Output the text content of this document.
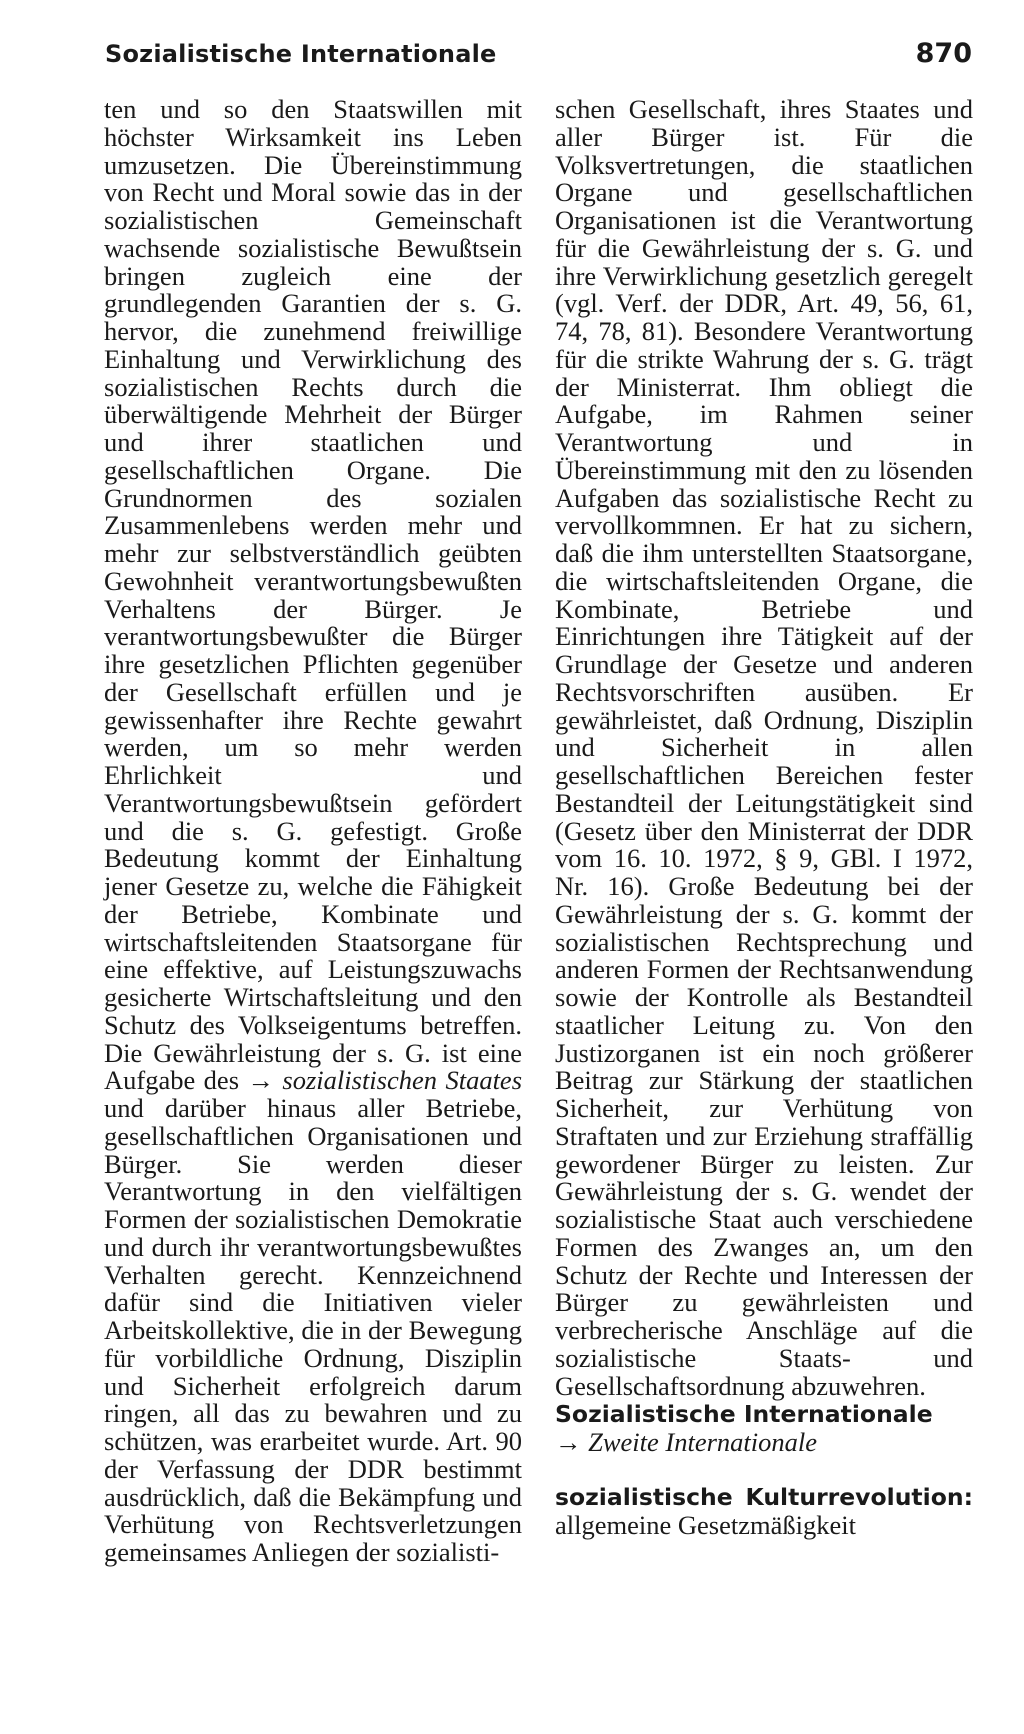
Sozialistische Internationale	870

ten und so den Staatswillen mit höchster Wirksamkeit ins Leben umzusetzen. Die Übereinstimmung von Recht und Moral sowie das in der sozialistischen Gemeinschaft wachsende sozialistische Bewußtsein bringen zugleich eine der grundlegenden Garantien der s. G. hervor, die zunehmend freiwillige Einhaltung und Verwirklichung des sozialistischen Rechts durch die überwältigende Mehrheit der Bürger und ihrer staatlichen und gesellschaftlichen Organe. Die Grundnormen des sozialen Zusammenlebens werden mehr und mehr zur selbstverständlich geübten Gewohnheit verantwortungsbewußten Verhaltens der Bürger. Je verantwortungsbewußter die Bürger ihre gesetzlichen Pflichten gegenüber der Gesellschaft erfüllen und je gewissenhafter ihre Rechte gewahrt werden, um so mehr werden Ehrlichkeit und Verantwortungsbewußtsein gefördert und die s. G. gefestigt. Große Bedeutung kommt der Einhaltung jener Gesetze zu, welche die Fähigkeit der Betriebe, Kombinate und wirtschaftsleitenden Staatsorgane für eine effektive, auf Leistungszuwachs gesicherte Wirtschaftsleitung und den Schutz des Volkseigentums betreffen. Die Gewährleistung der s. G. ist eine Aufgabe des → sozialistischen Staates und darüber hinaus aller Betriebe, gesellschaftlichen Organisationen und Bürger. Sie werden dieser Verantwortung in den vielfältigen Formen der sozialistischen Demokratie und durch ihr verantwortungsbewußtes Verhalten gerecht. Kennzeichnend dafür sind die Initiativen vieler Arbeitskollektive, die in der Bewegung für vorbildliche Ordnung, Disziplin und Sicherheit erfolgreich darum ringen, all das zu bewahren und zu schützen, was erarbeitet wurde. Art. 90 der Verfassung der DDR bestimmt ausdrücklich, daß die Bekämpfung und Verhütung von Rechtsverletzungen gemeinsames Anliegen der sozialisti-

schen Gesellschaft, ihres Staates und aller Bürger ist. Für die Volksvertretungen, die staatlichen Organe und gesellschaftlichen Organisationen ist die Verantwortung für die Gewährleistung der s. G. und ihre Verwirklichung gesetzlich geregelt (vgl. Verf. der DDR, Art. 49, 56, 61, 74, 78, 81). Besondere Verantwortung für die strikte Wahrung der s. G. trägt der Ministerrat. Ihm obliegt die Aufgabe, im Rahmen seiner Verantwortung und in Übereinstimmung mit den zu lösenden Aufgaben das sozialistische Recht zu vervollkommnen. Er hat zu sichern, daß die ihm unterstellten Staatsorgane, die wirtschaftsleitenden Organe, die Kombinate, Betriebe und Einrichtungen ihre Tätigkeit auf der Grundlage der Gesetze und anderen Rechtsvorschriften ausüben. Er gewährleistet, daß Ordnung, Disziplin und Sicherheit in allen gesellschaftlichen Bereichen fester Bestandteil der Leitungstätigkeit sind (Gesetz über den Ministerrat der DDR vom 16. 10. 1972, § 9, GBl. I 1972, Nr. 16). Große Bedeutung bei der Gewährleistung der s. G. kommt der sozialistischen Rechtsprechung und anderen Formen der Rechtsanwendung sowie der Kontrolle als Bestandteil staatlicher Leitung zu. Von den Justizorganen ist ein noch größerer Beitrag zur Stärkung der staatlichen Sicherheit, zur Verhütung von Straftaten und zur Erziehung straffällig gewordener Bürger zu leisten. Zur Gewährleistung der s. G. wendet der sozialistische Staat auch verschiedene Formen des Zwanges an, um den Schutz der Rechte und Interessen der Bürger zu gewährleisten und verbrecherische Anschläge auf die sozialistische Staats- und Gesellschaftsordnung abzuwehren.

Sozialistische Internationale
→ Zweite Internationale

sozialistische Kulturrevolution: allgemeine Gesetzmäßigkeit
